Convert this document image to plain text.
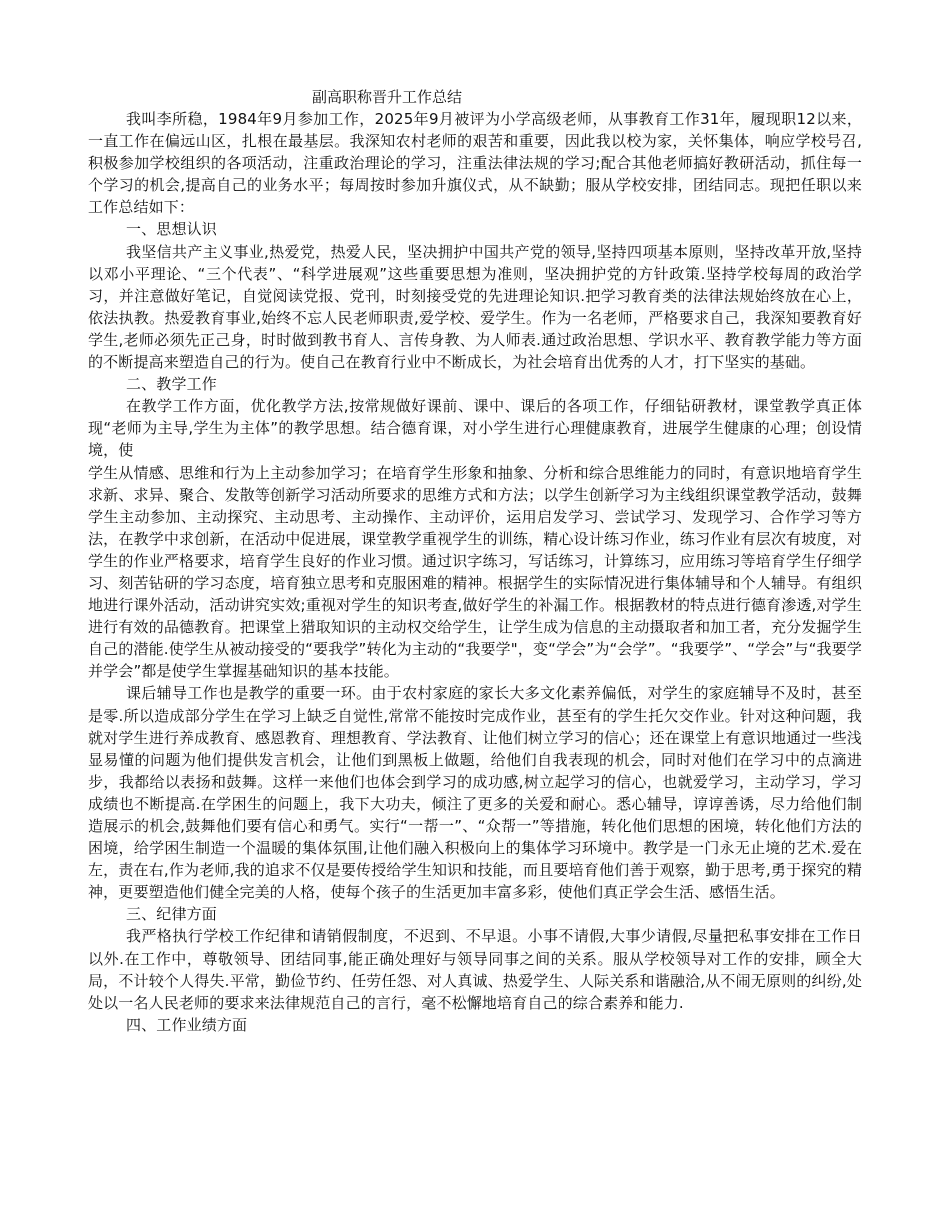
副高职称晋升工作总结

我叫李所稳，1984年9月参加工作，2025年9月被评为小学高级老师，从事教育工作31年，履现职12以来，一直工作在偏远山区，扎根在最基层。我深知农村老师的艰苦和重要，因此我以校为家，关怀集体，响应学校号召,积极参加学校组织的各项活动，注重政治理论的学习，注重法律法规的学习;配合其他老师搞好教研活动，抓住每一个学习的机会,提高自己的业务水平；每周按时参加升旗仪式，从不缺勤；服从学校安排，团结同志。现把任职以来工作总结如下：

一、思想认识

我坚信共产主义事业,热爱党，热爱人民，坚决拥护中国共产党的领导,坚持四项基本原则，坚持改革开放,坚持以邓小平理论、“三个代表”、“科学进展观”这些重要思想为准则，坚决拥护党的方针政策.坚持学校每周的政治学习，并注意做好笔记，自觉阅读党报、党刊，时刻接受党的先进理论知识.把学习教育类的法律法规始终放在心上，依法执教。热爱教育事业,始终不忘人民老师职责,爱学校、爱学生。作为一名老师，严格要求自己，我深知要教育好学生,老师必须先正己身，时时做到教书育人、言传身教、为人师表.通过政治思想、学识水平、教育教学能力等方面的不断提高来塑造自己的行为。使自己在教育行业中不断成长，为社会培育出优秀的人才，打下坚实的基础。

二、教学工作

在教学工作方面，优化教学方法,按常规做好课前、课中、课后的各项工作，仔细钻研教材，课堂教学真正体现“老师为主导,学生为主体”的教学思想。结合德育课，对小学生进行心理健康教育，进展学生健康的心理；创设情境，使

学生从情感、思维和行为上主动参加学习；在培育学生形象和抽象、分析和综合思维能力的同时，有意识地培育学生求新、求异、聚合、发散等创新学习活动所要求的思维方式和方法；以学生创新学习为主线组织课堂教学活动，鼓舞学生主动参加、主动探究、主动思考、主动操作、主动评价，运用启发学习、尝试学习、发现学习、合作学习等方法，在教学中求创新，在活动中促进展，课堂教学重视学生的训练，精心设计练习作业，练习作业有层次有坡度，对学生的作业严格要求，培育学生良好的作业习惯。通过识字练习，写话练习，计算练习，应用练习等培育学生仔细学习、刻苦钻研的学习态度，培育独立思考和克服困难的精神。根据学生的实际情况进行集体辅导和个人辅导。有组织地进行课外活动，活动讲究实效;重视对学生的知识考查,做好学生的补漏工作。根据教材的特点进行德育渗透,对学生进行有效的品德教育。把课堂上猎取知识的主动权交给学生，让学生成为信息的主动摄取者和加工者，充分发掘学生自己的潜能.使学生从被动接受的“要我学”转化为主动的“我要学"，变“学会”为“会学”。“我要学”、“学会”与“我要学并学会”都是使学生掌握基础知识的基本技能。

课后辅导工作也是教学的重要一环。由于农村家庭的家长大多文化素养偏低，对学生的家庭辅导不及时，甚至是零.所以造成部分学生在学习上缺乏自觉性,常常不能按时完成作业，甚至有的学生托欠交作业。针对这种问题，我就对学生进行养成教育、感恩教育、理想教育、学法教育、让他们树立学习的信心；还在课堂上有意识地通过一些浅显易懂的问题为他们提供发言机会，让他们到黑板上做题，给他们自我表现的机会，同时对他们在学习中的点滴进步，我都给以表扬和鼓舞。这样一来他们也体会到学习的成功感,树立起学习的信心，也就爱学习，主动学习，学习成绩也不断提高.在学困生的问题上，我下大功夫，倾注了更多的关爱和耐心。悉心辅导，谆谆善诱，尽力给他们制造展示的机会,鼓舞他们要有信心和勇气。实行“一帮一”、“众帮一”等措施，转化他们思想的困境，转化他们方法的困境，给学困生制造一个温暖的集体氛围,让他们融入积极向上的集体学习环境中。教学是一门永无止境的艺术.爱在左，责在右,作为老师,我的追求不仅是要传授给学生知识和技能，而且要培育他们善于观察，勤于思考,勇于探究的精神，更要塑造他们健全完美的人格，使每个孩子的生活更加丰富多彩，使他们真正学会生活、感悟生活。

三、纪律方面

我严格执行学校工作纪律和请销假制度，不迟到、不早退。小事不请假,大事少请假,尽量把私事安排在工作日以外.在工作中，尊敬领导、团结同事,能正确处理好与领导同事之间的关系。服从学校领导对工作的安排，顾全大局，不计较个人得失.平常，勤俭节约、任劳任怨、对人真诚、热爱学生、人际关系和谐融洽,从不闹无原则的纠纷,处处以一名人民老师的要求来法律规范自己的言行，毫不松懈地培育自己的综合素养和能力.

四、工作业绩方面
